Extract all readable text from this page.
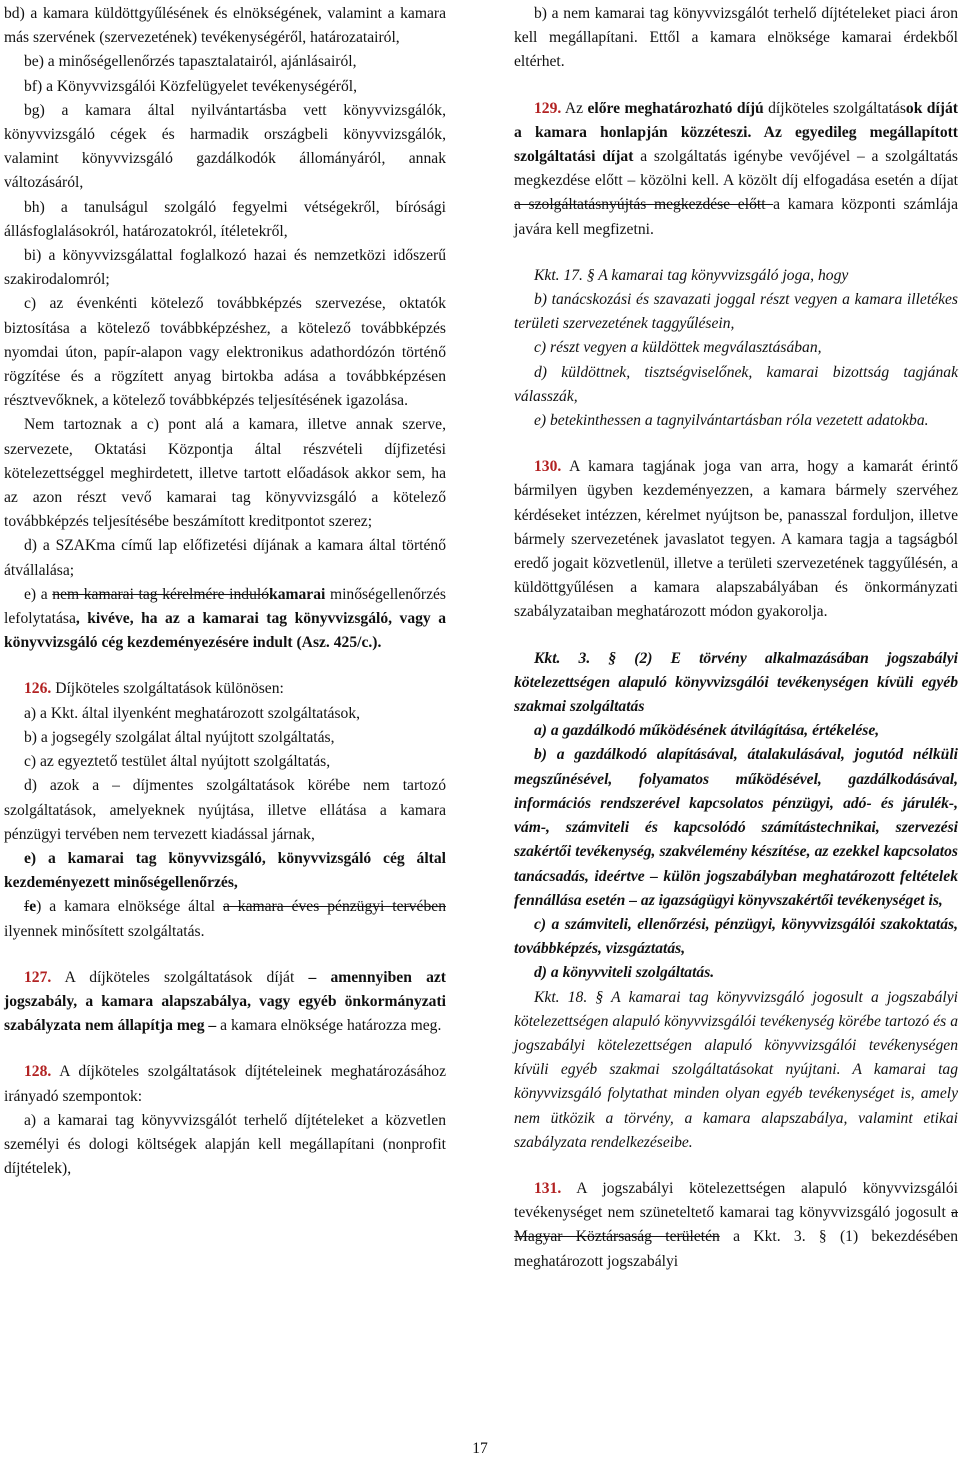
bd) a kamara küldöttgyűlésének és elnökségének, valamint a kamara más szervének (szervezetének) tevékenységéről, határozatairól,

be) a minőségellenőrzés tapasztalatairól, ajánlásairól,

bf) a Könyvvizsgálói Közfelügyelet tevékenységéről,

bg) a kamara által nyilvántartásba vett könyvvizsgálók, könyvvizsgáló cégek és harmadik országbeli könyvvizsgálók, valamint könyvvizsgáló gazdálkodók állományáról, annak változásáról,

bh) a tanulságul szolgáló fegyelmi vétségekről, bírósági állásfoglalásokról, határozatokról, ítéletekről,

bi) a könyvvizsgálattal foglalkozó hazai és nemzetközi időszerű szakirodalomról;

c) az évenkénti kötelező továbbképzés szervezése, oktatók biztosítása a kötelező továbbképzéshez, a kötelező továbbképzés nyomdai úton, papír-alapon vagy elektronikus adathordózón történő rögzítése és a rögzített anyag birtokba adása a továbbképzésen résztvevőknek, a kötelező továbbképzés teljesítésének igazolása.

Nem tartoznak a c) pont alá a kamara, illetve annak szerve, szervezete, Oktatási Központja által részvételi díjfizetési kötelezettséggel meghirdetett, illetve tartott előadások akkor sem, ha az azon részt vevő kamarai tag könyvvizsgáló a kötelező továbbképzés teljesítésébe beszámított kreditpontot szerez;

d) a SZAKma című lap előfizetési díjának a kamara által történő átvállalása;

e) a nem kamarai tag kérelmére indulókamarai minőségellenőrzés lefolytatása, kivéve, ha az a kamarai tag könyvvizsgáló, vagy a könyvvizsgáló cég kezdeményezésére indult (Asz. 425/c.).

126. Díjköteles szolgáltatások különösen:

a) a Kkt. által ilyenként meghatározott szolgáltatások,

b) a jogsegély szolgálat által nyújtott szolgáltatás,

c) az egyeztető testület által nyújtott szolgáltatás,

d) azok a – díjmentes szolgáltatások körébe nem tartozó szolgáltatások, amelyeknek nyújtása, illetve ellátása a kamara pénzügyi tervében nem tervezett kiadással járnak,

e) a kamarai tag könyvvizsgáló, könyvvizsgáló cég által kezdeményezett minőségellenőrzés,

fe) a kamara elnöksége által a kamara éves pénzügyi tervében ilyennek minősített szolgáltatás.

127. A díjköteles szolgáltatások díját – amennyiben azt jogszabály, a kamara alapszabálya, vagy egyéb önkormányzati szabályzata nem állapítja meg – a kamara elnöksége határozza meg.

128. A díjköteles szolgáltatások díjtételeinek meghatározásához irányadó szempontok:

a) a kamarai tag könyvvizsgálót terhelő díjtételeket a közvetlen személyi és dologi költségek alapján kell megállapítani (nonprofit díjtételek),

b) a nem kamarai tag könyvvizsgálót terhelő díjtételeket piaci áron kell megállapítani. Ettől a kamara elnöksége kamarai érdekből eltérhet.

129. Az előre meghatározható díjú díjköteles szolgáltatások díját a kamara honlapján közzéteszi. Az egyedileg megállapított szolgáltatási díjat a szolgáltatás igénybe vevőjével – a szolgáltatás megkezdése előtt – közölni kell. A közölt díj elfogadása esetén a díjat a szolgáltatásnyújtás megkezdése előtt a kamara központi számlája javára kell megfizetni.

Kkt. 17. § A kamarai tag könyvvizsgáló joga, hogy

b) tanácskozási és szavazati joggal részt vegyen a kamara illetékes területi szervezetének taggyűlésein,

c) részt vegyen a küldöttek megválasztásában,

d) küldöttnek, tisztségviselőnek, kamarai bizottság tagjának válasszák,

e) betekinthessen a tagnyilvántartásban róla vezetett adatokba.

130. A kamara tagjának joga van arra, hogy a kamarát érintő bármilyen ügyben kezdeményezzen, a kamara bármely szervéhez kérdéseket intézzen, kérelmet nyújtson be, panasszal forduljon, illetve bármely szervezetének javaslatot tegyen. A kamara tagja a tagságból eredő jogait közvetlenül, illetve a területi szervezetének taggyűlésén, a küldöttgyűlésen a kamara alapszabályában és önkormányzati szabályzataiban meghatározott módon gyakorolja.

Kkt. 3. § (2) E törvény alkalmazásában jogszabályi kötelezettségen alapuló könyvvizsgálói tevékenységen kívüli egyéb szakmai szolgáltatás

a) a gazdálkodó működésének átvilágítása, értékelése,

b) a gazdálkodó alapításával, átalakulásával, jogutód nélküli megszűnésével, folyamatos működésével, gazdálkodásával, információs rendszerével kapcsolatos pénzügyi, adó- és járulék-, vám-, számviteli és kapcsolódó számítástechnikai, szervezési szakértői tevékenység, szakvélemény készítése, az ezekkel kapcsolatos tanácsadás, ideértve – külön jogszabályban meghatározott feltételek fennállása esetén – az igazságügyi könyvszakértői tevékenységet is,

c) a számviteli, ellenőrzési, pénzügyi, könyvvizsgálói szakoktatás, továbbképzés, vizsgáztatás,

d) a könyvviteli szolgáltatás.

Kkt. 18. § A kamarai tag könyvvizsgáló jogosult a jogszabályi kötelezettségen alapuló könyvvizsgálói tevékenység körébe tartozó és a jogszabályi kötelezettségen alapuló könyvvizsgálói tevékenységen kívüli egyéb szakmai szolgáltatásokat nyújtani. A kamarai tag könyvvizsgáló folytathat minden olyan egyéb tevékenységet is, amely nem ütközik a törvény, a kamara alapszabálya, valamint etikai szabályzata rendelkezéseibe.

131. A jogszabályi kötelezettségen alapuló könyvvizsgálói tevékenységet nem szüneteltető kamarai tag könyvvizsgáló jogosult a Magyar Köztársaság területén a Kkt. 3. § (1) bekezdésében meghatározott jogszabályi

17
